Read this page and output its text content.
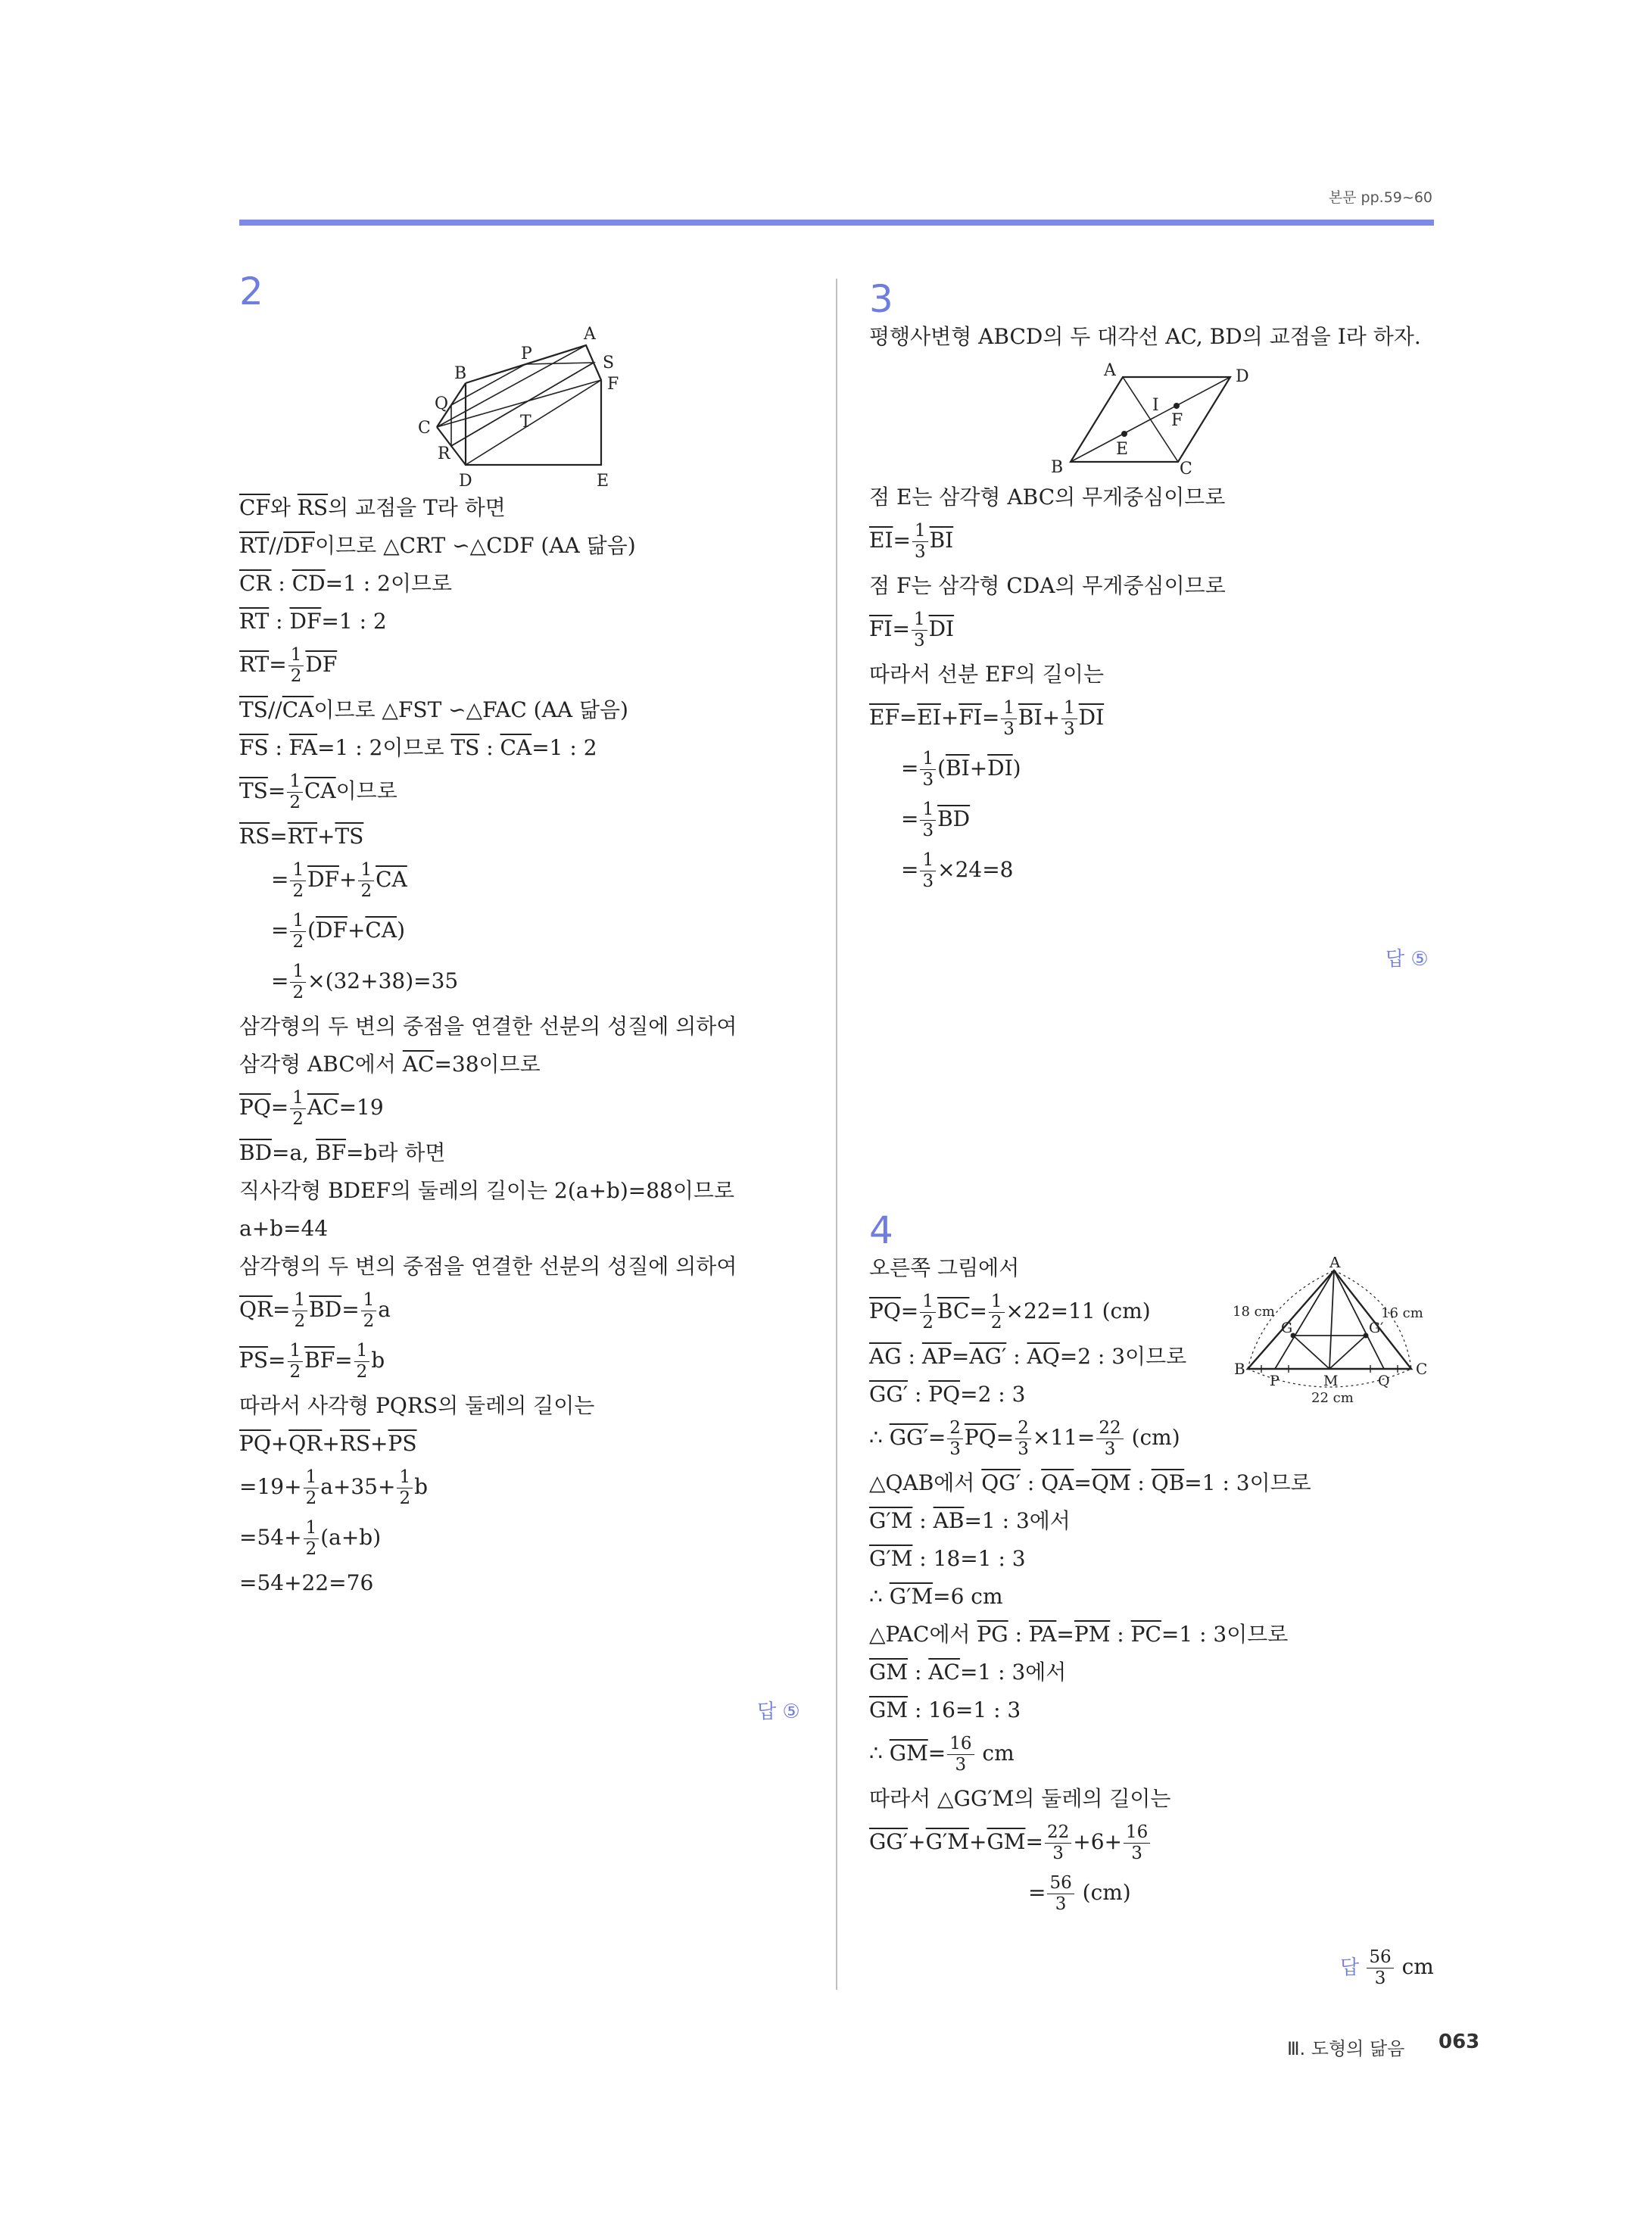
본문 pp.59~60
2
A
B
C
D	E
F
P
Q
R
S
T
$\overline{CF}$와 $\overline{RS}$의 교점을 T라 하면
$\overline{RT}//\overline{DF}$이므로 △CRT ∽△CDF (AA 닮음)
$\overline{CR}$ : $\overline{CD}=1$ : 2이므로
$\overline{RT}$ : $\overline{DF}=1$ : 2
$\overline{RT}= \frac{1}{2} \overline{DF}$
$\overline{TS}//\overline{CA}$이므로 △FST ∽△FAC (AA 닮음)
$\overline{FS}$ : $\overline{FA}=1$ : 2이므로 $\overline{TS}$ : $\overline{CA}=1$ : 2
$\overline{TS}= \frac{1}{2} \overline{CA}$이므로
$\overline{RS}=\overline{RT}+\overline{TS}$
= $\frac{1}{2} \overline{DF}+ \frac{1}{2} \overline{CA}$
= $\frac{1}{2} (\overline{DF}+\overline{CA})$
= $\frac{1}{2} \times(32+38)=35$
삼각형의 두 변의 중점을 연결한 선분의 성질에 의하여
삼각형 ABC에서 $\overline{AC}=38$이므로
$\overline{PQ}= \frac{1}{2} \overline{AC}=19$
$\overline{BD}=a$, $\overline{BF}=b$라 하면
직사각형 BDEF의 둘레의 길이는 2(a+b)=88이므로
a+b=44
삼각형의 두 변의 중점을 연결한 선분의 성질에 의하여
$\overline{QR}= \frac{1}{2} \overline{BD}= \frac{1}{2}$ a
$\overline{PS}= \frac{1}{2} \overline{BF}= \frac{1}{2}$ b
따라서 사각형 PQRS의 둘레의 길이는
$\overline{PQ}+\overline{QR}+\overline{RS}+\overline{PS}$
$=19+ \frac{1}{2} a+35+ \frac{1}{2}$ b
$=54+ \frac{1}{2} (a+b)$
=54+22=76
답 ⑤
3
평행사변형 ABCD의 두 대각선 AC, BD의 교점을 I라 하자.
A	D
B	C
I
E
F
점 E는 삼각형 ABC의 무게중심이므로
$\overline{EI}= \frac{1}{3} \overline{BI}$
점 F는 삼각형 CDA의 무게중심이므로
$\overline{FI}= \frac{1}{3} \overline{DI}$
따라서 선분 EF의 길이는
$\overline{EF}=\overline{EI}+\overline{FI}= \frac{1}{3} \overline{BI}+ \frac{1}{3} \overline{DI}$
= $\frac{1}{3} (\overline{BI}+\overline{DI})$
= $\frac{1}{3} \overline{BD}$
= $\frac{1}{3} \times 24=8$
답 ⑤
4
오른쪽 그림에서
$\overline{PQ}= \frac{1}{2} \overline{BC}= \frac{1}{2} \times 22=11$ (cm)
$\overline{AG}$ : $\overline{AP}=AG'$ : $\overline{AQ}=2$ : 3이므로
GG′ : $\overline{PQ}=2$ : 3
∴ $GG'= \frac{2}{3} \overline{PQ}= \frac{2}{3} \times 11= \frac{22}{3} (cm)$
△QAB에서 QG′ : $\overline{QA}=\overline{QM}$ : $\overline{QB}=1$ : 3이므로
G′M : $\overline{AB}=1$ : 3에서
G′M : 18=1 : 3
∴ G′M=6 cm
△PAC에서 $\overline{PG}$ : $\overline{PA}=\overline{PM}$ : $\overline{PC}=1$ : 3이므로
$\overline{GM}$ : $\overline{AC}=1$ : 3에서
$\overline{GM}$ : 16=1 : 3
∴ $\overline{GM}= \frac{16}{3}$ cm
따라서 △GG′M의 둘레의 길이는
$GG'+G'M+\overline{GM}= \frac{22}{3} +6+ \frac{16}{3}$
= $\frac{56}{3} (cm)$
A
B	C
G	G′
P	M	Q
18 cm	16 cm
22 cm
답 $\frac{56}{3}$ cm
Ⅲ. 도형의 닮음 063
